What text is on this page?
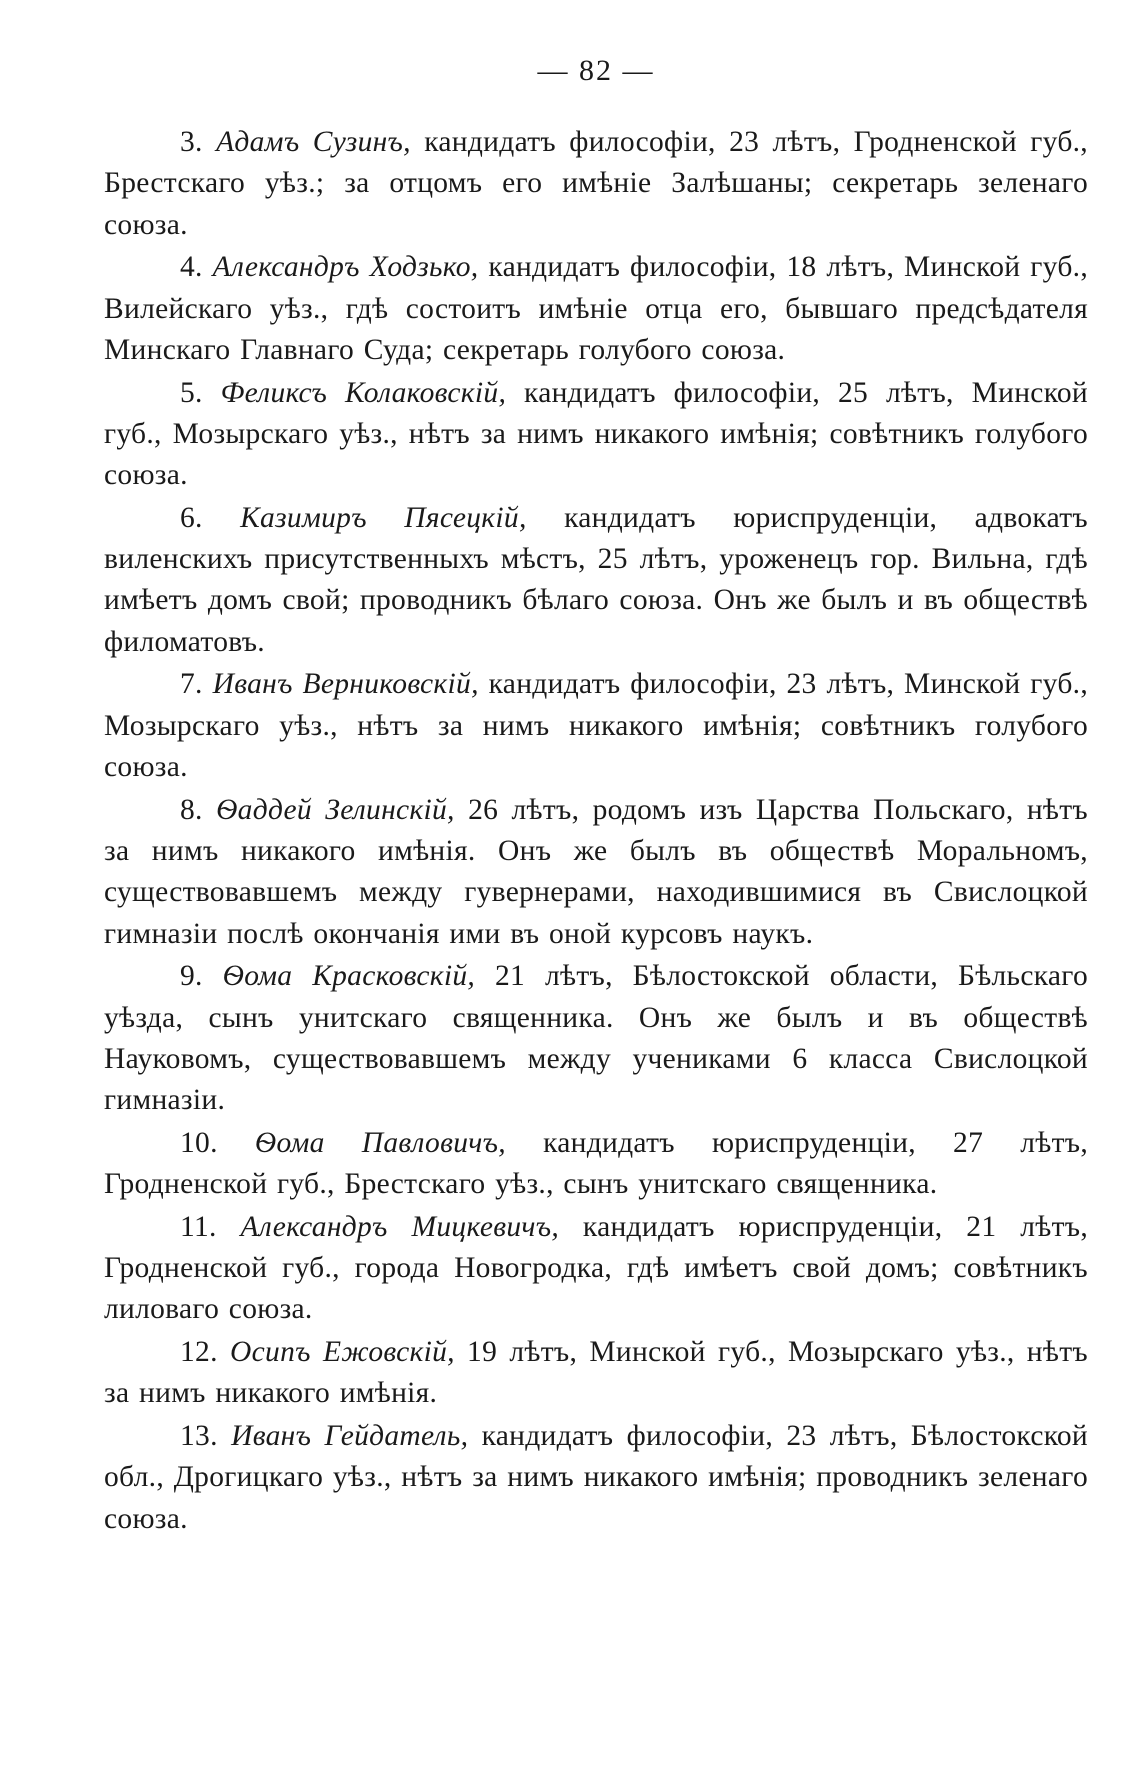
— 82 —

3. Адамъ Сузинъ, кандидатъ философіи, 23 лѣтъ, Гродненской губ., Брестскаго уѣз.; за отцомъ его имѣніе Залѣшаны; секретарь зеленаго союза.

4. Александръ Ходзько, кандидатъ философіи, 18 лѣтъ, Минской губ., Вилейскаго уѣз., гдѣ состоитъ имѣніе отца его, бывшаго предсѣдателя Минскаго Главнаго Суда; секретарь голубого союза.

5. Феликсъ Колаковскій, кандидатъ философіи, 25 лѣтъ, Минской губ., Мозырскаго уѣз., нѣтъ за нимъ никакого имѣнія; совѣтникъ голубого союза.

6. Казимиръ Пясецкій, кандидатъ юриспруденціи, адвокатъ виленскихъ присутственныхъ мѣстъ, 25 лѣтъ, уроженецъ гор. Вильна, гдѣ имѣетъ домъ свой; проводникъ бѣлаго союза. Онъ же былъ и въ обществѣ филоматовъ.

7. Иванъ Верниковскій, кандидатъ философіи, 23 лѣтъ, Минской губ., Мозырскаго уѣз., нѣтъ за нимъ никакого имѣнія; совѣтникъ голубого союза.

8. Ѳаддей Зелинскій, 26 лѣтъ, родомъ изъ Царства Польскаго, нѣтъ за нимъ никакого имѣнія. Онъ же былъ въ обществѣ Моральномъ, существовавшемъ между гувернерами, находившимися въ Свислоцкой гимназіи послѣ окончанія ими въ оной курсовъ наукъ.

9. Ѳома Красковскій, 21 лѣтъ, Бѣлостокской области, Бѣльскаго уѣзда, сынъ унитскаго священника. Онъ же былъ и въ обществѣ Науковомъ, существовавшемъ между учениками 6 класса Свислоцкой гимназіи.

10. Ѳома Павловичъ, кандидатъ юриспруденціи, 27 лѣтъ, Гродненской губ., Брестскаго уѣз., сынъ унитскаго священника.

11. Александръ Мицкевичъ, кандидатъ юриспруденціи, 21 лѣтъ, Гродненской губ., города Новогродка, гдѣ имѣетъ свой домъ; совѣтникъ лиловаго союза.

12. Осипъ Ежовскій, 19 лѣтъ, Минской губ., Мозырскаго уѣз., нѣтъ за нимъ никакого имѣнія.

13. Иванъ Гейдатель, кандидатъ философіи, 23 лѣтъ, Бѣлостокской обл., Дрогицкаго уѣз., нѣтъ за нимъ никакого имѣнія; проводникъ зеленаго союза.
